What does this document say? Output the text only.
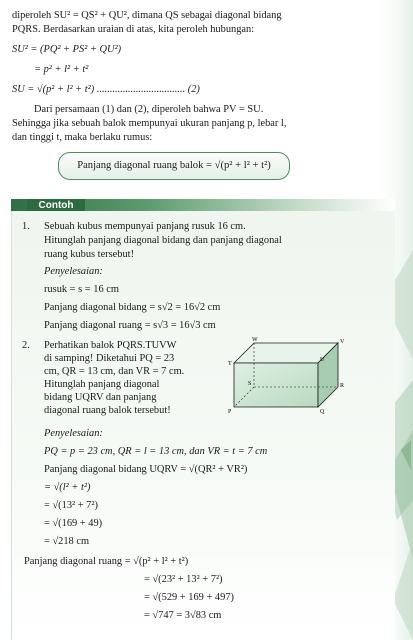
diperoleh SU² = QS² + QU², dimana QS sebagai diagonal bidang
PQRS. Berdasarkan uraian di atas, kita peroleh hubungan:
SU² = (PQ² + PS² + QU²)
= p² + l² + t²
SU = √(p² + l² + t²) .................................. (2)
Dari persamaan (1) dan (2), diperoleh bahwa PV = SU.
Sehingga jika sebuah balok mempunyai ukuran panjang p, lebar l,
dan tinggi t, maka berlaku rumus:
Panjang diagonal ruang balok = √(p² + l² + t²)
Contoh
1. Sebuah kubus mempunyai panjang rusuk 16 cm.
Hitunglah panjang diagonal bidang dan panjang diagonal
ruang kubus tersebut!
Penyelesaian:
rusuk = s = 16 cm
Panjang diagonal bidang = s√2 = 16√2 cm
Panjang diagonal ruang = s√3 = 16√3 cm
2. Perhatikan balok PQRS.TUVW
di samping! Diketahui PQ = 23
cm, QR = 13 cm, dan VR = 7 cm.
Hitunglah panjang diagonal
bidang UQRV dan panjang
diagonal ruang balok tersebut!
T
W
U
V
S	R
P	Q
Penyelesaian:
PQ = p = 23 cm, QR = l = 13 cm, dan VR = t = 7 cm
Panjang diagonal bidang UQRV = √(QR² + VR²)
= √(l² + t²)
= √(13² + 7²)
= √(169 + 49)
= √218 cm
Panjang diagonal ruang = √(p² + l² + t²)
= √(23² + 13² + 7²)
= √(529 + 169 + 497)
= √747 = 3√83 cm
